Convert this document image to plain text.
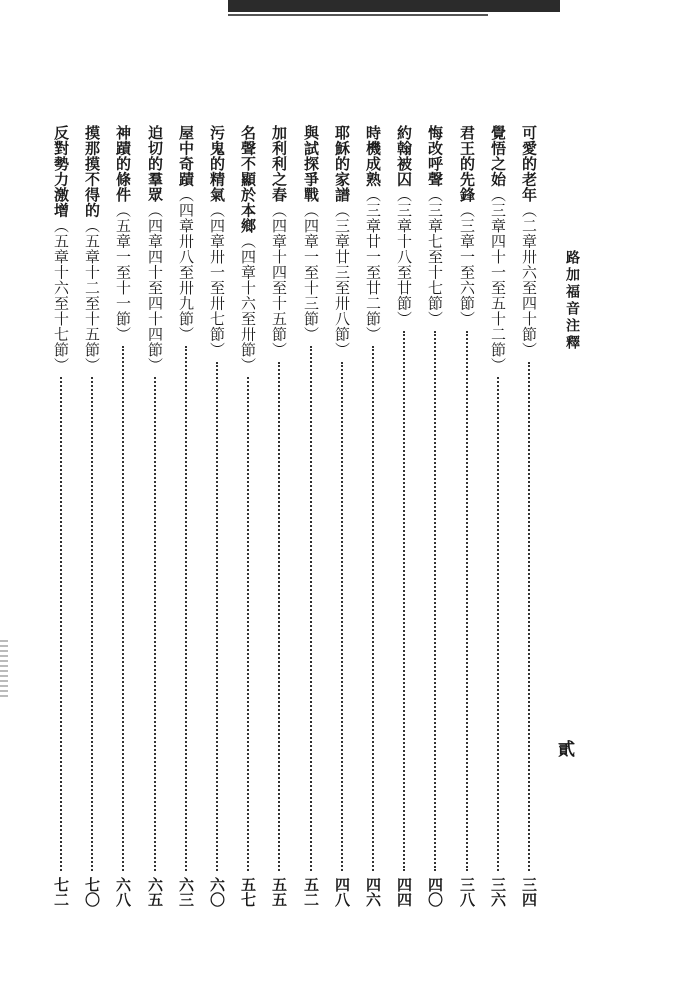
路加福音注釋
貳
可愛的老年（二章卅六至四十節）
三四
覺悟之始（三章四十一至五十二節）
三六
君王的先鋒（三章一至六節）
三八
悔改呼聲（三章七至十七節）
四〇
約翰被囚（三章十八至廿節）
四四
時機成熟（三章廿一至廿二節）
四六
耶穌的家譜（三章廿三至卅八節）
四八
與試探爭戰（四章一至十三節）
五二
加利利之春（四章十四至十五節）
五五
名聲不顯於本鄉（四章十六至卅節）
五七
污鬼的精氣（四章卅一至卅七節）
六〇
屋中奇蹟（四章卅八至卅九節）
六三
迫切的羣眾（四章四十至四十四節）
六五
神蹟的條件（五章一至十一節）
六八
摸那摸不得的（五章十二至十五節）
七〇
反對勢力激增（五章十六至十七節）
七二
